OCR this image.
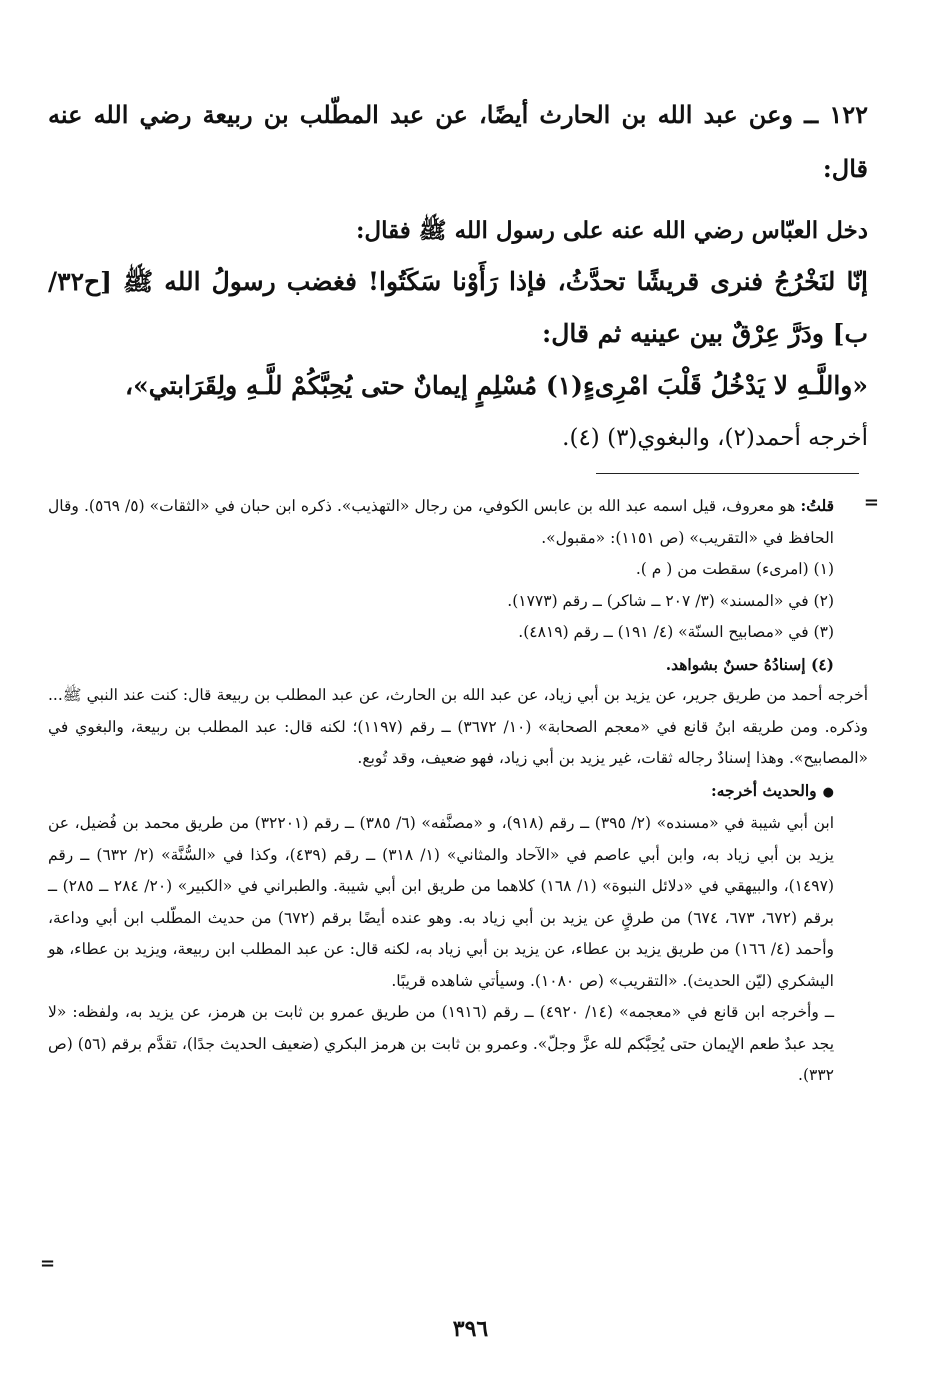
١٢٢ ــ وعن عبد الله بن الحارث أيضًا، عن عبد المطّلب بن ربيعة رضي الله عنه قال:

دخل العبّاس رضي الله عنه على رسول الله ﷺ فقال:

إنّا لنَخْرُجُ فنرى قريشًا تحدَّثُ، فإذا رَأَوْنا سَكَتُوا! فغضب رسولُ الله ﷺ [ح٣٢/ب] ودَرَّ عِرْقٌ بين عينيه ثم قال:

«واللَّـهِ لا يَدْخُلُ قَلْبَ امْرِىءٍ(١) مُسْلِمٍ إيمانٌ حتى يُحِبَّكُمْ للَّـهِ ولِقَرَابتي»،

أخرجه أحمد(٢)، والبغوي(٣) (٤).

=

قلتُ: هو معروف، قيل اسمه عبد الله بن عابس الكوفي، من رجال «التهذيب». ذكره ابن حبان في «الثقات» (٥/ ٥٦٩). وقال الحافظ في «التقريب» (ص ١١٥١): «مقبول».

(١) (امرىء) سقطت من ( م ).

(٢) في «المسند» (٣/ ٢٠٧ ــ شاكر) ــ رقم (١٧٧٣).

(٣) في «مصابيح السنّة» (٤/ ١٩١) ــ رقم (٤٨١٩).

(٤) إسنادُهُ حسنٌ بشواهد.

أخرجه أحمد من طريق جرير، عن يزيد بن أبي زياد، عن عبد الله بن الحارث، عن عبد المطلب بن ربيعة قال: كنت عند النبي ﷺ... وذكره. ومن طريقه ابنُ قانع في «معجم الصحابة» (١٠/ ٣٦٧٢) ــ رقم (١١٩٧)؛ لكنه قال: عبد المطلب بن ربيعة، والبغوي في «المصابيح». وهذا إسنادٌ رجاله ثقات، غير يزيد بن أبي زياد، فهو ضعيف، وقد تُوبع.

●والحديث أخرجه:

ابن أبي شيبة في «مسنده» (٢/ ٣٩٥) ــ رقم (٩١٨)، و «مصنَّفه» (٦/ ٣٨٥) ــ رقم (٣٢٢٠١) من طريق محمد بن فُضيل، عن يزيد بن أبي زياد به، وابن أبي عاصم في «الآحاد والمثاني» (١/ ٣١٨) ــ رقم (٤٣٩)، وكذا في «السُّنَّة» (٢/ ٦٣٢) ــ رقم (١٤٩٧)، والبيهقي في «دلائل النبوة» (١/ ١٦٨) كلاهما من طريق ابن أبي شيبة. والطبراني في «الكبير» (٢٠/ ٢٨٤ ــ ٢٨٥) ــ برقم (٦٧٢، ٦٧٣، ٦٧٤) من طرقٍ عن يزيد بن أبي زياد به. وهو عنده أيضًا برقم (٦٧٢) من حديث المطّلب ابن أبي وداعة، وأحمد (٤/ ١٦٦) من طريق يزيد بن عطاء، عن يزيد بن أبي زياد به، لكنه قال: عن عبد المطلب ابن ربيعة، ويزيد بن عطاء، هو اليشكري (ليّن الحديث). «التقريب» (ص ١٠٨٠). وسيأتي شاهده قريبًا.

ــ وأخرجه ابن قانع في «معجمه» (١٤/ ٤٩٢٠) ــ رقم (١٩١٦) من طريق عمرو بن ثابت بن هرمز، عن يزيد به، ولفظه: «لا يجد عبدٌ طعم الإيمان حتى يُحِبَّكم لله عزَّ وجلّ». وعمرو بن ثابت بن هرمز البكري (ضعيف الحديث جدًا)، تقدَّم برقم (٥٦) (ص ٣٣٢).

=
٣٩٦
